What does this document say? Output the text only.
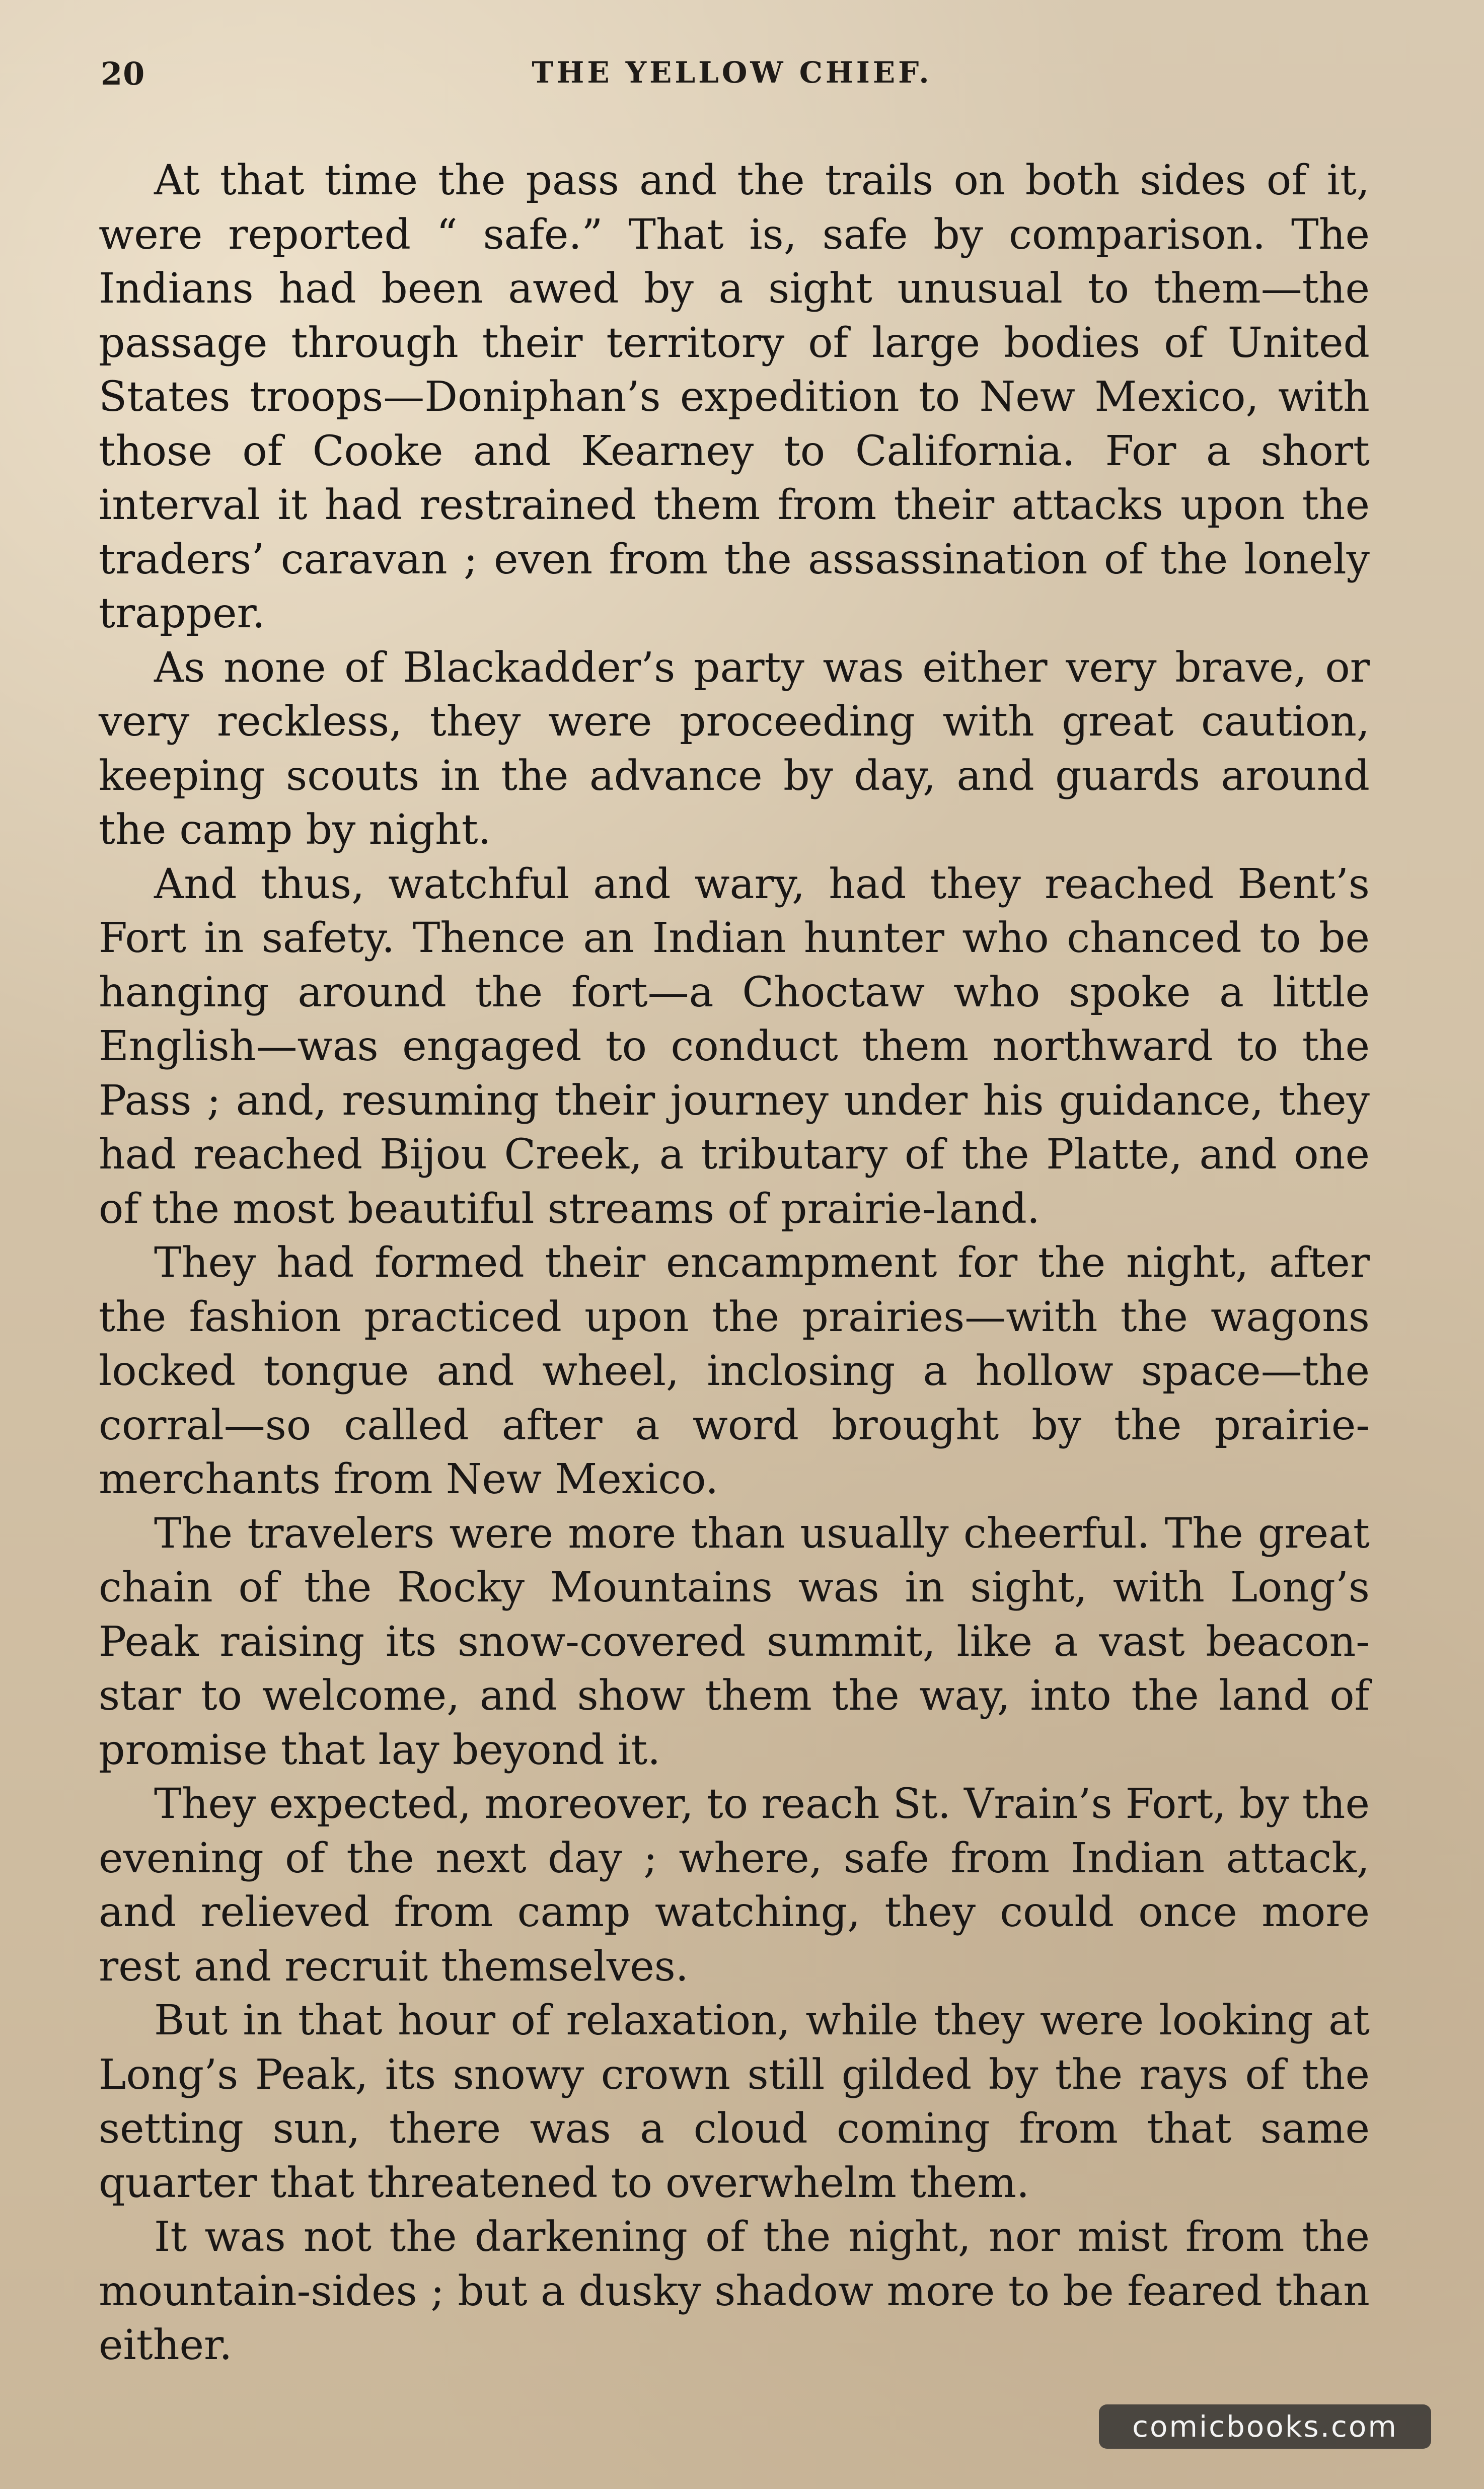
20	THE YELLOW CHIEF.

At that time the pass and the trails on both sides of it, were reported “ safe.” That is, safe by comparison. The Indians had been awed by a sight unusual to them—the passage through their territory of large bodies of United States troops—Doniphan’s expedition to New Mexico, with those of Cooke and Kearney to California. For a short interval it had restrained them from their attacks upon the traders’ caravan ; even from the assassination of the lonely trapper.

As none of Blackadder’s party was either very brave, or very reckless, they were proceeding with great caution, keeping scouts in the advance by day, and guards around the camp by night.

And thus, watchful and wary, had they reached Bent’s Fort in safety. Thence an Indian hunter who chanced to be hanging around the fort—a Choctaw who spoke a little English—was engaged to conduct them northward to the Pass ; and, resuming their journey under his guidance, they had reached Bijou Creek, a tributary of the Platte, and one of the most beautiful streams of prairie-land.

They had formed their encampment for the night, after the fashion practiced upon the prairies—with the wagons locked tongue and wheel, inclosing a hollow space—the corral—so called after a word brought by the prairie-merchants from New Mexico.

The travelers were more than usually cheerful. The great chain of the Rocky Mountains was in sight, with Long’s Peak raising its snow-covered summit, like a vast beacon-star to welcome, and show them the way, into the land of promise that lay beyond it.

They expected, moreover, to reach St. Vrain’s Fort, by the evening of the next day ; where, safe from Indian attack, and relieved from camp watching, they could once more rest and recruit themselves.

But in that hour of relaxation, while they were looking at Long’s Peak, its snowy crown still gilded by the rays of the setting sun, there was a cloud coming from that same quarter that threatened to overwhelm them.

It was not the darkening of the night, nor mist from the mountain-sides ; but a dusky shadow more to be feared than either.

comicbooks.com
